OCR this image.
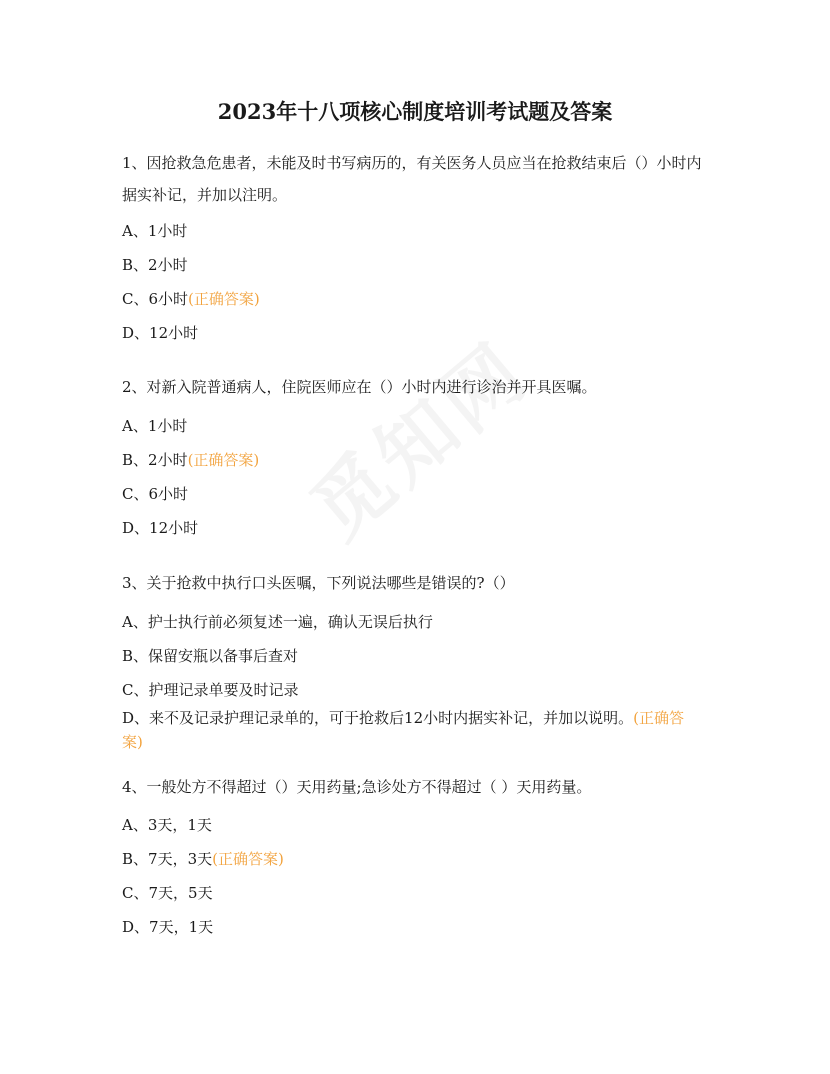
2023年十八项核心制度培训考试题及答案

1、因抢救急危患者，未能及时书写病历的，有关医务人员应当在抢救结束后（）小时内据实补记，并加以注明。

A、1小时

B、2小时

C、6小时(正确答案)

D、12小时

2、对新入院普通病人，住院医师应在（）小时内进行诊治并开具医嘱。

A、1小时

B、2小时(正确答案)

C、6小时

D、12小时

3、关于抢救中执行口头医嘱，下列说法哪些是错误的?（）

A、护士执行前必须复述一遍，确认无误后执行

B、保留安瓶以备事后查对

C、护理记录单要及时记录

D、来不及记录护理记录单的，可于抢救后12小时内据实补记，并加以说明。(正确答案)

4、一般处方不得超过（）天用药量;急诊处方不得超过（ ）天用药量。

A、3天，1天

B、7天，3天(正确答案)

C、7天，5天

D、7天，1天
